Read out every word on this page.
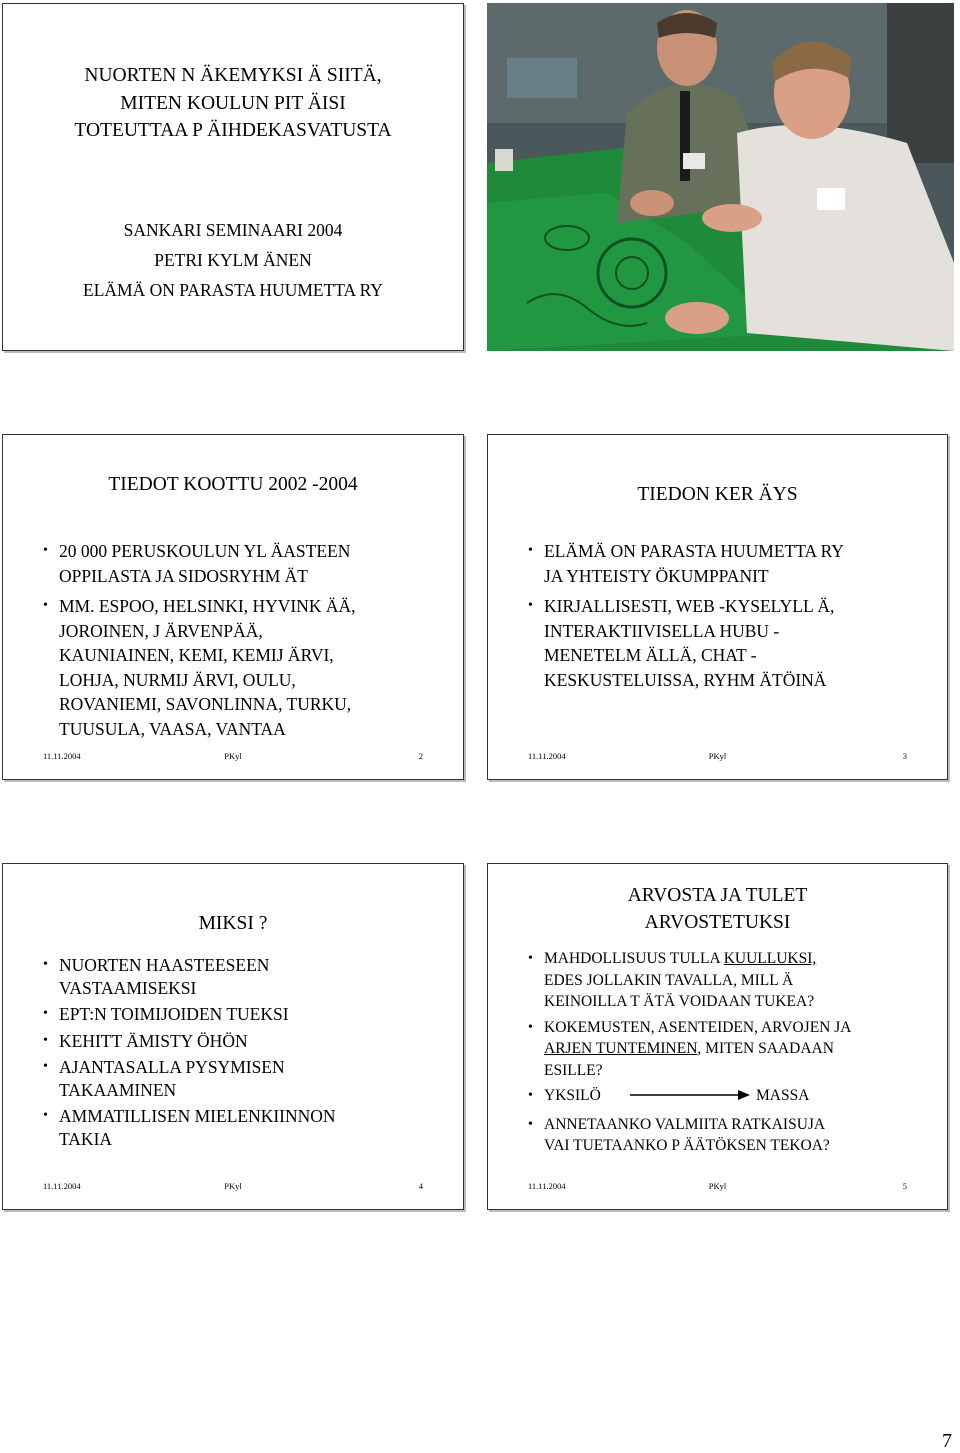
NUORTEN N ÄKEMYKSI Ä SIITÄ,
MITEN KOULUN PIT ÄISI
TOTEUTTAA P ÄIHDEKASVATUSTA
SANKARI SEMINAARI 2004
PETRI KYLM ÄNEN
ELÄMÄ ON PARASTA HUUMETTA RY
TIEDOT KOOTTU 2002 -2004
• 20 000 PERUSKOULUN YL ÄASTEEN
OPPILASTA JA SIDOSRYHM ÄT
• MM. ESPOO, HELSINKI, HYVINK ÄÄ,
JOROINEN, J ÄRVENPÄÄ,
KAUNIAINEN, KEMI, KEMIJ ÄRVI,
LOHJA, NURMIJ ÄRVI, OULU,
ROVANIEMI, SAVONLINNA, TURKU,
TUUSULA, VAASA, VANTAA
11.11.2004	PKyl	2
TIEDON KER ÄYS
• ELÄMÄ ON PARASTA HUUMETTA RY
JA YHTEISTY ÖKUMPPANIT
• KIRJALLISESTI, WEB -KYSELYLL Ä,
INTERAKTIIVISELLA HUBU -
MENETELM ÄLLÄ, CHAT -
KESKUSTELUISSA, RYHM ÄTÖINÄ
11.11.2004	PKyl	3
MIKSI ?
• NUORTEN HAASTEESEEN
VASTAAMISEKSI
• EPT:N TOIMIJOIDEN TUEKSI
• KEHITT ÄMISTY ÖHÖN
• AJANTASALLA PYSYMISEN
TAKAAMINEN
• AMMATILLISEN MIELENKIINNON
TAKIA
11.11.2004	PKyl	4
ARVOSTA JA TULET
ARVOSTETUKSI
• MAHDOLLISUUS TULLA KUULLUKSI,
EDES JOLLAKIN TAVALLA, MILL Ä
KEINOILLA T ÄTÄ VOIDAAN TUKEA?
• KOKEMUSTEN, ASENTEIDEN, ARVOJEN JA
ARJEN TUNTEMINEN, MITEN SAADAAN
ESILLE?
• YKSILÖ	MASSA
• ANNETAANKO VALMIITA RATKAISUJA
VAI TUETAANKO P ÄÄTÖKSEN TEKOA?
11.11.2004	PKyl	5
7
